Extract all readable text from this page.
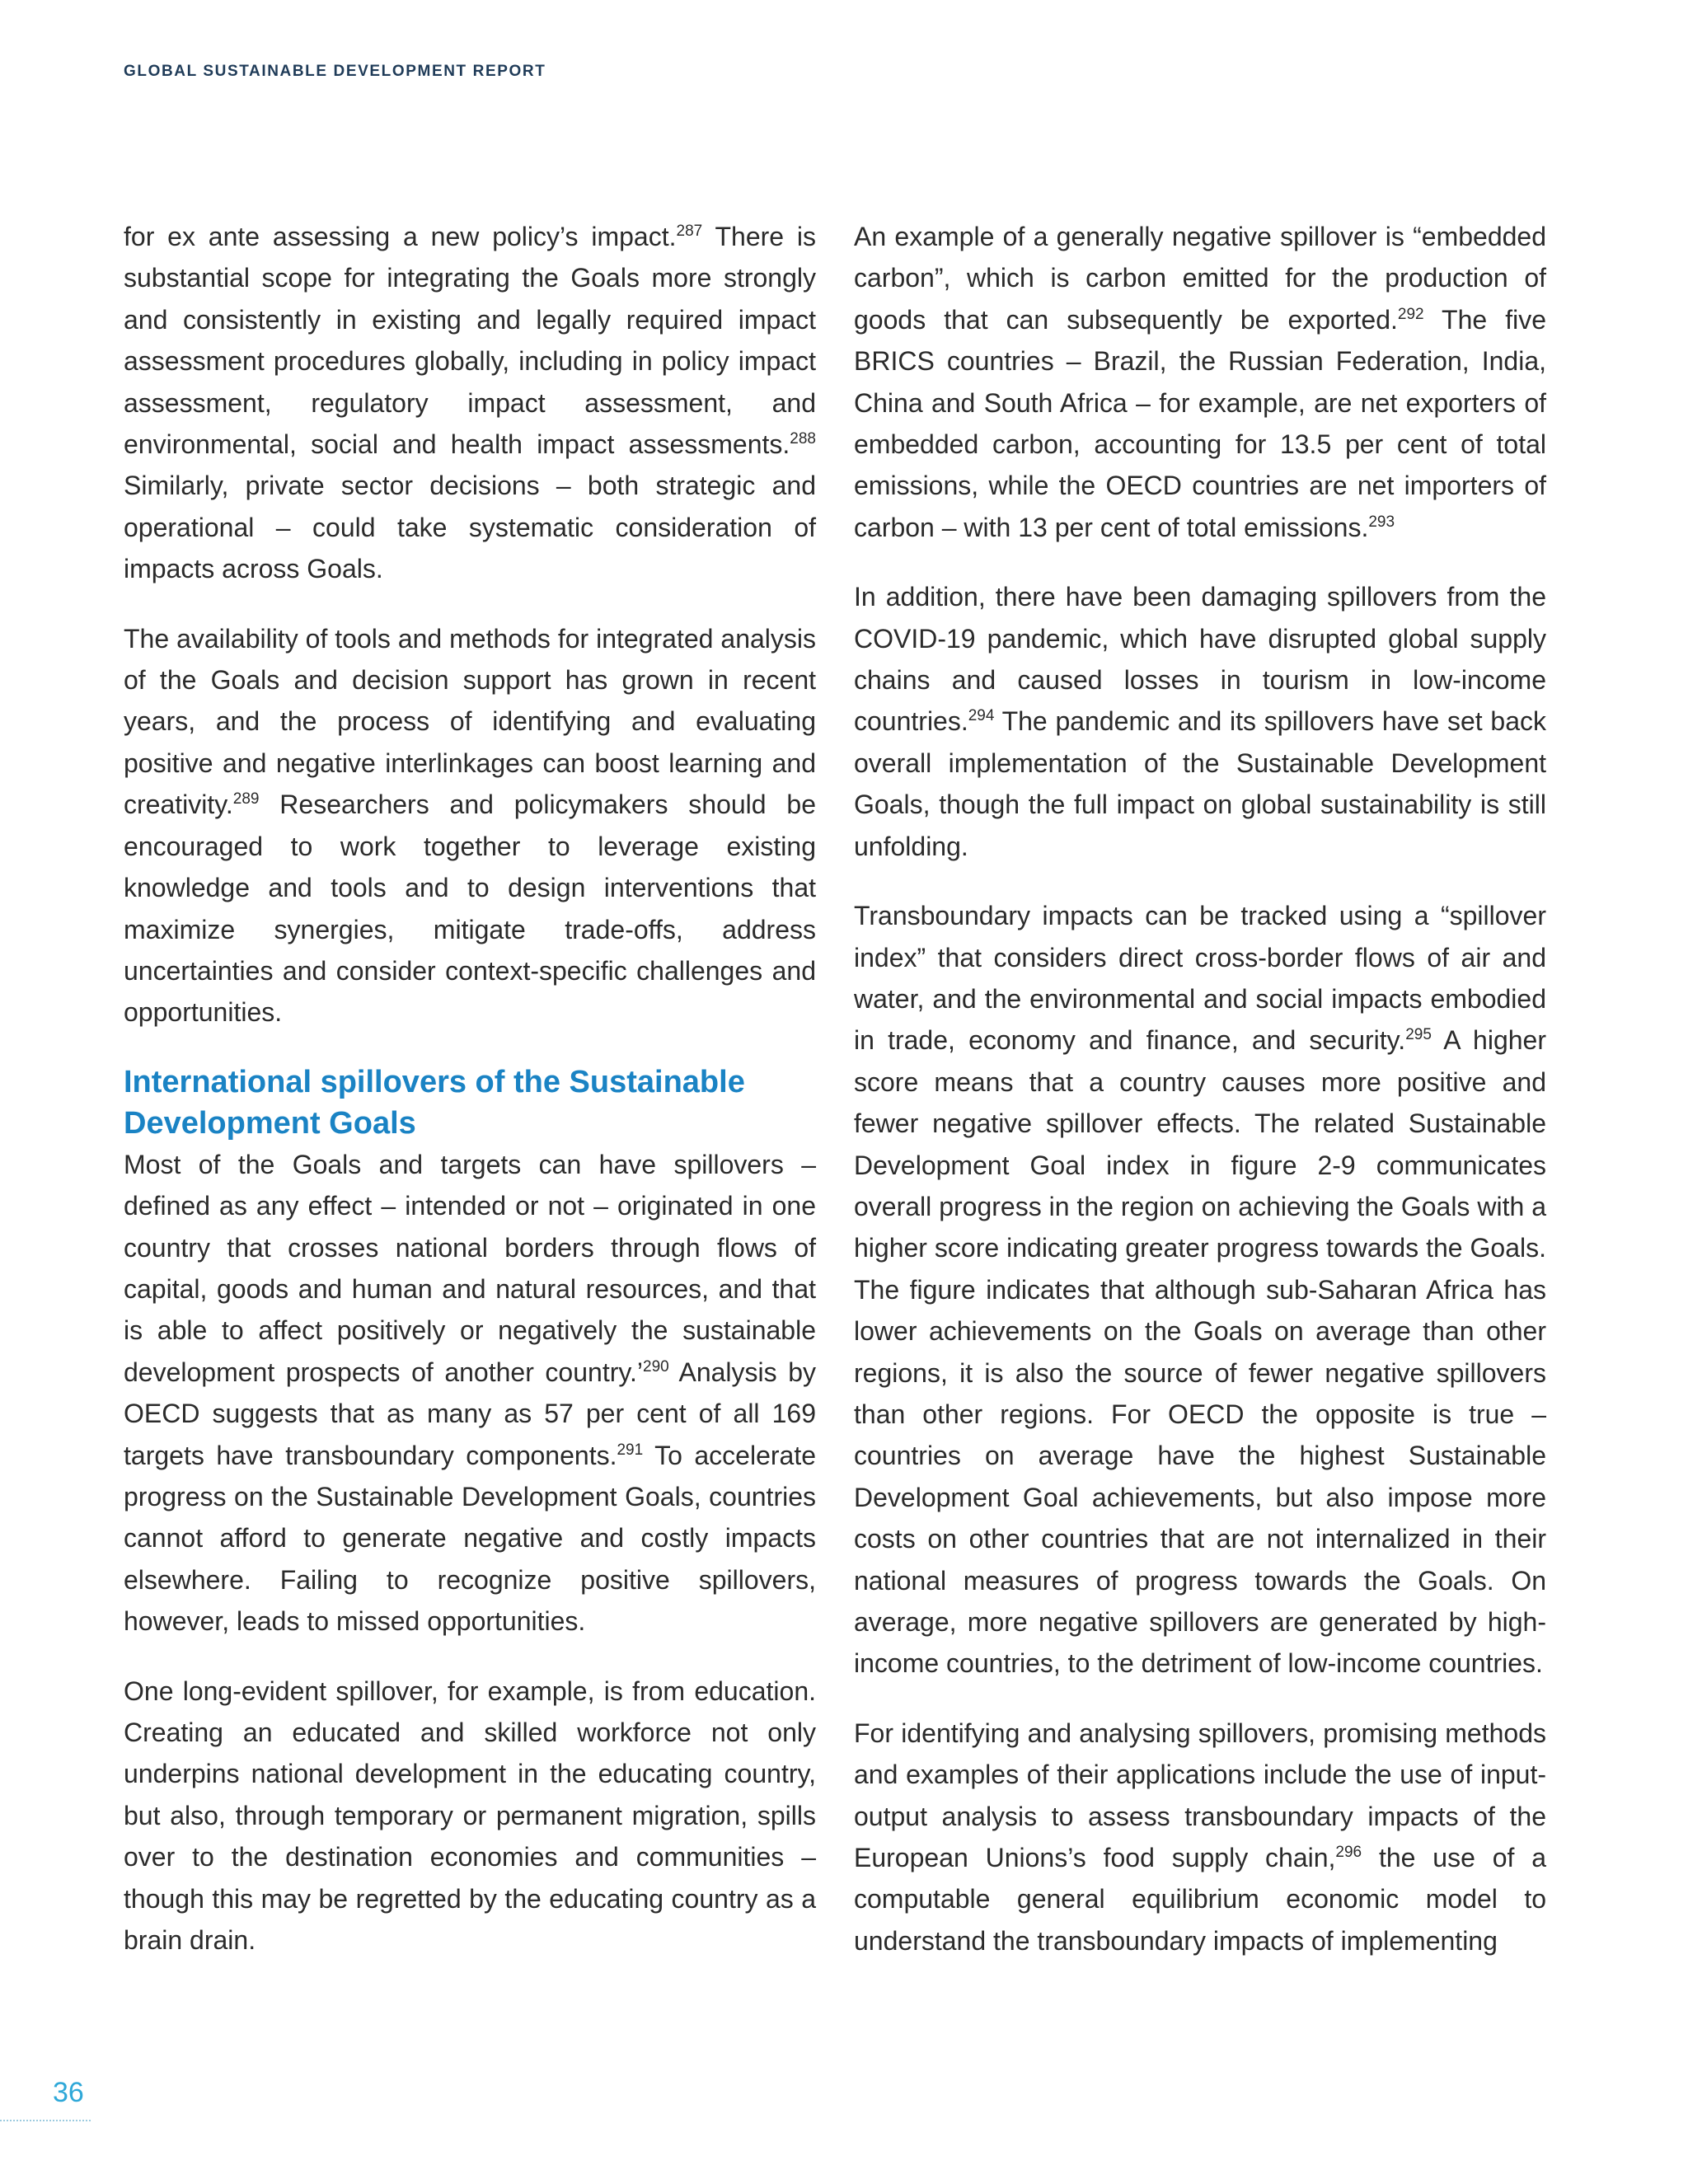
GLOBAL SUSTAINABLE DEVELOPMENT REPORT

for ex ante assessing a new policy’s impact.$^{287}$ There is substantial scope for integrating the Goals more strongly and consistently in existing and legally required impact assessment procedures globally, including in policy impact assessment, regulatory impact assessment, and environmental, social and health impact assessments.$^{288}$ Similarly, private sector decisions – both strategic and operational – could take systematic consideration of impacts across Goals.

The availability of tools and methods for integrated analysis of the Goals and decision support has grown in recent years, and the process of identifying and evaluating positive and negative interlinkages can boost learning and creativity.$^{289}$ Researchers and policymakers should be encouraged to work together to leverage existing knowledge and tools and to design interventions that maximize synergies, mitigate trade-offs, address uncertainties and consider context-specific challenges and opportunities.

International spillovers of the Sustainable Development Goals

Most of the Goals and targets can have spillovers – defined as any effect – intended or not – originated in one country that crosses national borders through flows of capital, goods and human and natural resources, and that is able to affect positively or negatively the sustainable development prospects of another country.’$^{290}$ Analysis by OECD suggests that as many as 57 per cent of all 169 targets have transboundary components.$^{291}$ To accelerate progress on the Sustainable Development Goals, countries cannot afford to generate negative and costly impacts elsewhere. Failing to recognize positive spillovers, however, leads to missed opportunities.

One long-evident spillover, for example, is from education. Creating an educated and skilled workforce not only underpins national development in the educating country, but also, through temporary or permanent migration, spills over to the destination economies and communities – though this may be regretted by the educating country as a brain drain.

An example of a generally negative spillover is “embedded carbon”, which is carbon emitted for the production of goods that can subsequently be exported.$^{292}$ The five BRICS countries – Brazil, the Russian Federation, India, China and South Africa – for example, are net exporters of embedded carbon, accounting for 13.5 per cent of total emissions, while the OECD countries are net importers of carbon – with 13 per cent of total emissions.$^{293}$

In addition, there have been damaging spillovers from the COVID-19 pandemic, which have disrupted global supply chains and caused losses in tourism in low-income countries.$^{294}$ The pandemic and its spillovers have set back overall implementation of the Sustainable Development Goals, though the full impact on global sustainability is still unfolding.

Transboundary impacts can be tracked using a “spillover index” that considers direct cross-border flows of air and water, and the environmental and social impacts embodied in trade, economy and finance, and security.$^{295}$ A higher score means that a country causes more positive and fewer negative spillover effects. The related Sustainable Development Goal index in figure 2-9 communicates overall progress in the region on achieving the Goals with a higher score indicating greater progress towards the Goals. The figure indicates that although sub-Saharan Africa has lower achievements on the Goals on average than other regions, it is also the source of fewer negative spillovers than other regions. For OECD the opposite is true – countries on average have the highest Sustainable Development Goal achievements, but also impose more costs on other countries that are not internalized in their national measures of progress towards the Goals. On average, more negative spillovers are generated by high-income countries, to the detriment of low-income countries.

For identifying and analysing spillovers, promising methods and examples of their applications include the use of input-output analysis to assess transboundary impacts of the European Unions’s food supply chain,$^{296}$ the use of a computable general equilibrium economic model to understand the transboundary impacts of implementing

36
